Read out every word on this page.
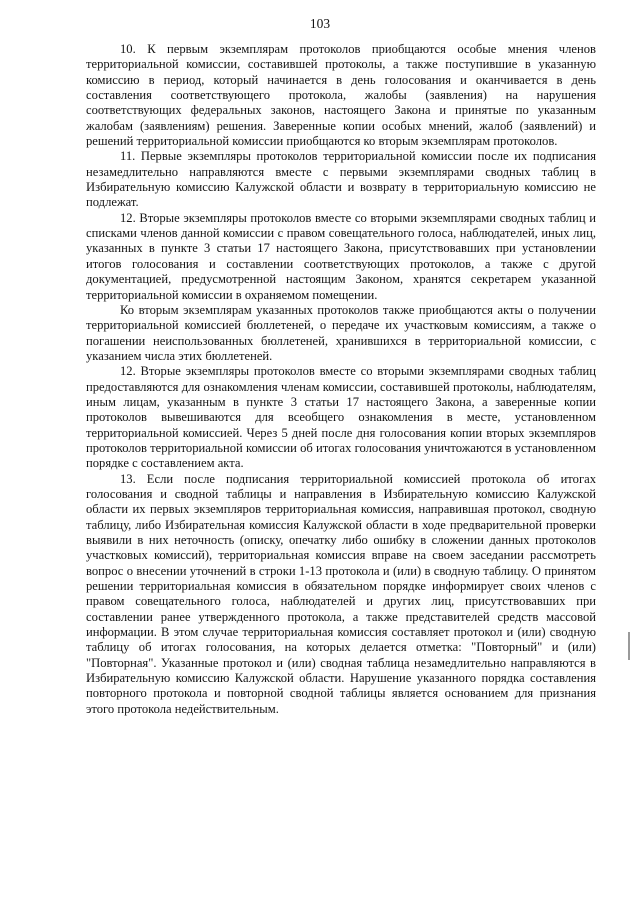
103

10. К первым экземплярам протоколов приобщаются особые мнения членов территориальной комиссии, составившей протоколы, а также поступившие в указанную комиссию в период, который начинается в день голосования и оканчивается в день составления соответствующего протокола, жалобы (заявления) на нарушения соответствующих федеральных законов, настоящего Закона и принятые по указанным жалобам (заявлениям) решения. Заверенные копии особых мнений, жалоб (заявлений) и решений территориальной комиссии приобщаются ко вторым экземплярам протоколов.

11. Первые экземпляры протоколов территориальной комиссии после их подписания незамедлительно направляются вместе с первыми экземплярами сводных таблиц в Избирательную комиссию Калужской области и возврату в территориальную комиссию не подлежат.

12. Вторые экземпляры протоколов вместе со вторыми экземплярами сводных таблиц и списками членов данной комиссии с правом совещательного голоса, наблюдателей, иных лиц, указанных в пункте 3 статьи 17 настоящего Закона, присутствовавших при установлении итогов голосования и составлении соответствующих протоколов, а также с другой документацией, предусмотренной настоящим Законом, хранятся секретарем указанной территориальной комиссии в охраняемом помещении.

Ко вторым экземплярам указанных протоколов также приобщаются акты о получении территориальной комиссией бюллетеней, о передаче их участковым комиссиям, а также о погашении неиспользованных бюллетеней, хранившихся в территориальной комиссии, с указанием числа этих бюллетеней.

12. Вторые экземпляры протоколов вместе со вторыми экземплярами сводных таблиц предоставляются для ознакомления членам комиссии, составившей протоколы, наблюдателям, иным лицам, указанным в пункте 3 статьи 17 настоящего Закона, а заверенные копии протоколов вывешиваются для всеобщего ознакомления в месте, установленном территориальной комиссией. Через 5 дней после дня голосования копии вторых экземпляров протоколов территориальной комиссии об итогах голосования уничтожаются в установленном порядке с составлением акта.

13. Если после подписания территориальной комиссией протокола об итогах голосования и сводной таблицы и направления в Избирательную комиссию Калужской области их первых экземпляров территориальная комиссия, направившая протокол, сводную таблицу, либо Избирательная комиссия Калужской области в ходе предварительной проверки выявили в них неточность (описку, опечатку либо ошибку в сложении данных протоколов участковых комиссий), территориальная комиссия вправе на своем заседании рассмотреть вопрос о внесении уточнений в строки 1-13 протокола и (или) в сводную таблицу. О принятом решении территориальная комиссия в обязательном порядке информирует своих членов с правом совещательного голоса, наблюдателей и других лиц, присутствовавших при составлении ранее утвержденного протокола, а также представителей средств массовой информации. В этом случае территориальная комиссия составляет протокол и (или) сводную таблицу об итогах голосования, на которых делается отметка: "Повторный" и (или) "Повторная". Указанные протокол и (или) сводная таблица незамедлительно направляются в Избирательную комиссию Калужской области. Нарушение указанного порядка составления повторного протокола и повторной сводной таблицы является основанием для признания этого протокола недействительным.
